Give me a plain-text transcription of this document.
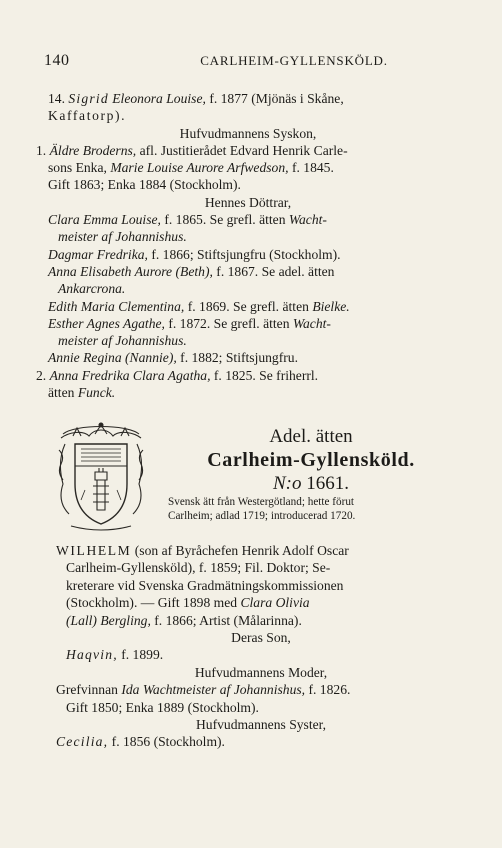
140	CARLHEIM-GYLLENSKÖLD.
14. Sigrid Eleonora Louise, f. 1877 (Mjönäs i Skåne,
Kaffatorp).
Hufvudmannens Syskon,
1. Äldre Broderns, afl. Justitierådet Edvard Henrik Carle-
sons Enka, Marie Louise Aurore Arfwedson, f. 1845.
Gift 1863; Enka 1884 (Stockholm).
Hennes Döttrar,
Clara Emma Louise, f. 1865. Se grefl. ätten Wacht-
meister af Johannishus.
Dagmar Fredrika, f. 1866; Stiftsjungfru (Stockholm).
Anna Elisabeth Aurore (Beth), f. 1867. Se adel. ätten
Ankarcrona.
Edith Maria Clementina, f. 1869. Se grefl. ätten Bielke.
Esther Agnes Agathe, f. 1872. Se grefl. ätten Wacht-
meister af Johannishus.
Annie Regina (Nannie), f. 1882; Stiftsjungfru.
2. Anna Fredrika Clara Agatha, f. 1825. Se friherrl.
ätten Funck.
Adel. ätten
Carlheim-Gyllensköld.
N:o 1661.
Svensk ätt från Westergötland; hette förut
Carlheim; adlad 1719; introducerad 1720.
WILHELM (son af Byråchefen Henrik Adolf Oscar
Carlheim-Gyllensköld), f. 1859; Fil. Doktor; Se-
kreterare vid Svenska Gradmätningskommissionen
(Stockholm). — Gift 1898 med Clara Olivia
(Lall) Bergling, f. 1866; Artist (Målarinna).
Deras Son,
Haqvin, f. 1899.
Hufvudmannens Moder,
Grefvinnan Ida Wachtmeister af Johannishus, f. 1826.
Gift 1850; Enka 1889 (Stockholm).
Hufvudmannens Syster,
Cecilia, f. 1856 (Stockholm).
